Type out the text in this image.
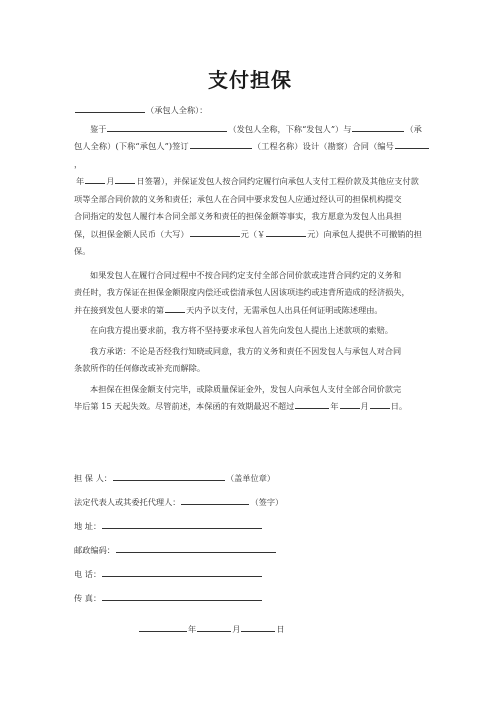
支付担保

（承包人全称）：

鉴于	（发包人全称，下称“发包人”）与	（承
包人全称）(下称“承包人”)签订	（工程名称）设计（勘察）合同（编号，
年	月	日签署），并保证发包人按合同约定履行向承包人支付工程价款及其他应支付款
项等全部合同价款的义务和责任；承包人在合同中要求发包人应通过经认可的担保机构提交
合同指定的发包人履行本合同全部义务和责任的担保金额等事实，我方愿意为发包人出具担
保，以担保金额人民币（大写）	元（￥	元）向承包人提供不可撤销的担
保。

如果发包人在履行合同过程中不按合同约定支付全部合同价款或违背合同约定的义务和
责任时，我方保证在担保金额限度内偿还或偿清承包人因该项违约或违背所造成的经济损失，
并在接到发包人要求的第	天内予以支付，无需承包人出具任何证明或陈述理由。

在向我方提出要求前，我方将不坚持要求承包人首先向发包人提出上述款项的索赔。

我方承诺：不论是否经我行知晓或同意，我方的义务和责任不因发包人与承包人对合同
条款所作的任何修改或补充而解除。

本担保在担保金额支付完毕，或除质量保证金外，发包人向承包人支付全部合同价款完
毕后第 15 天起失效。尽管前述，本保函的有效期最迟不超过	年	月	日。

担 保 人：	（盖单位章）
法定代表人或其委托代理人：	（签字）
地 址：
邮政编码：
电 话：
传 真：
年	月	日
